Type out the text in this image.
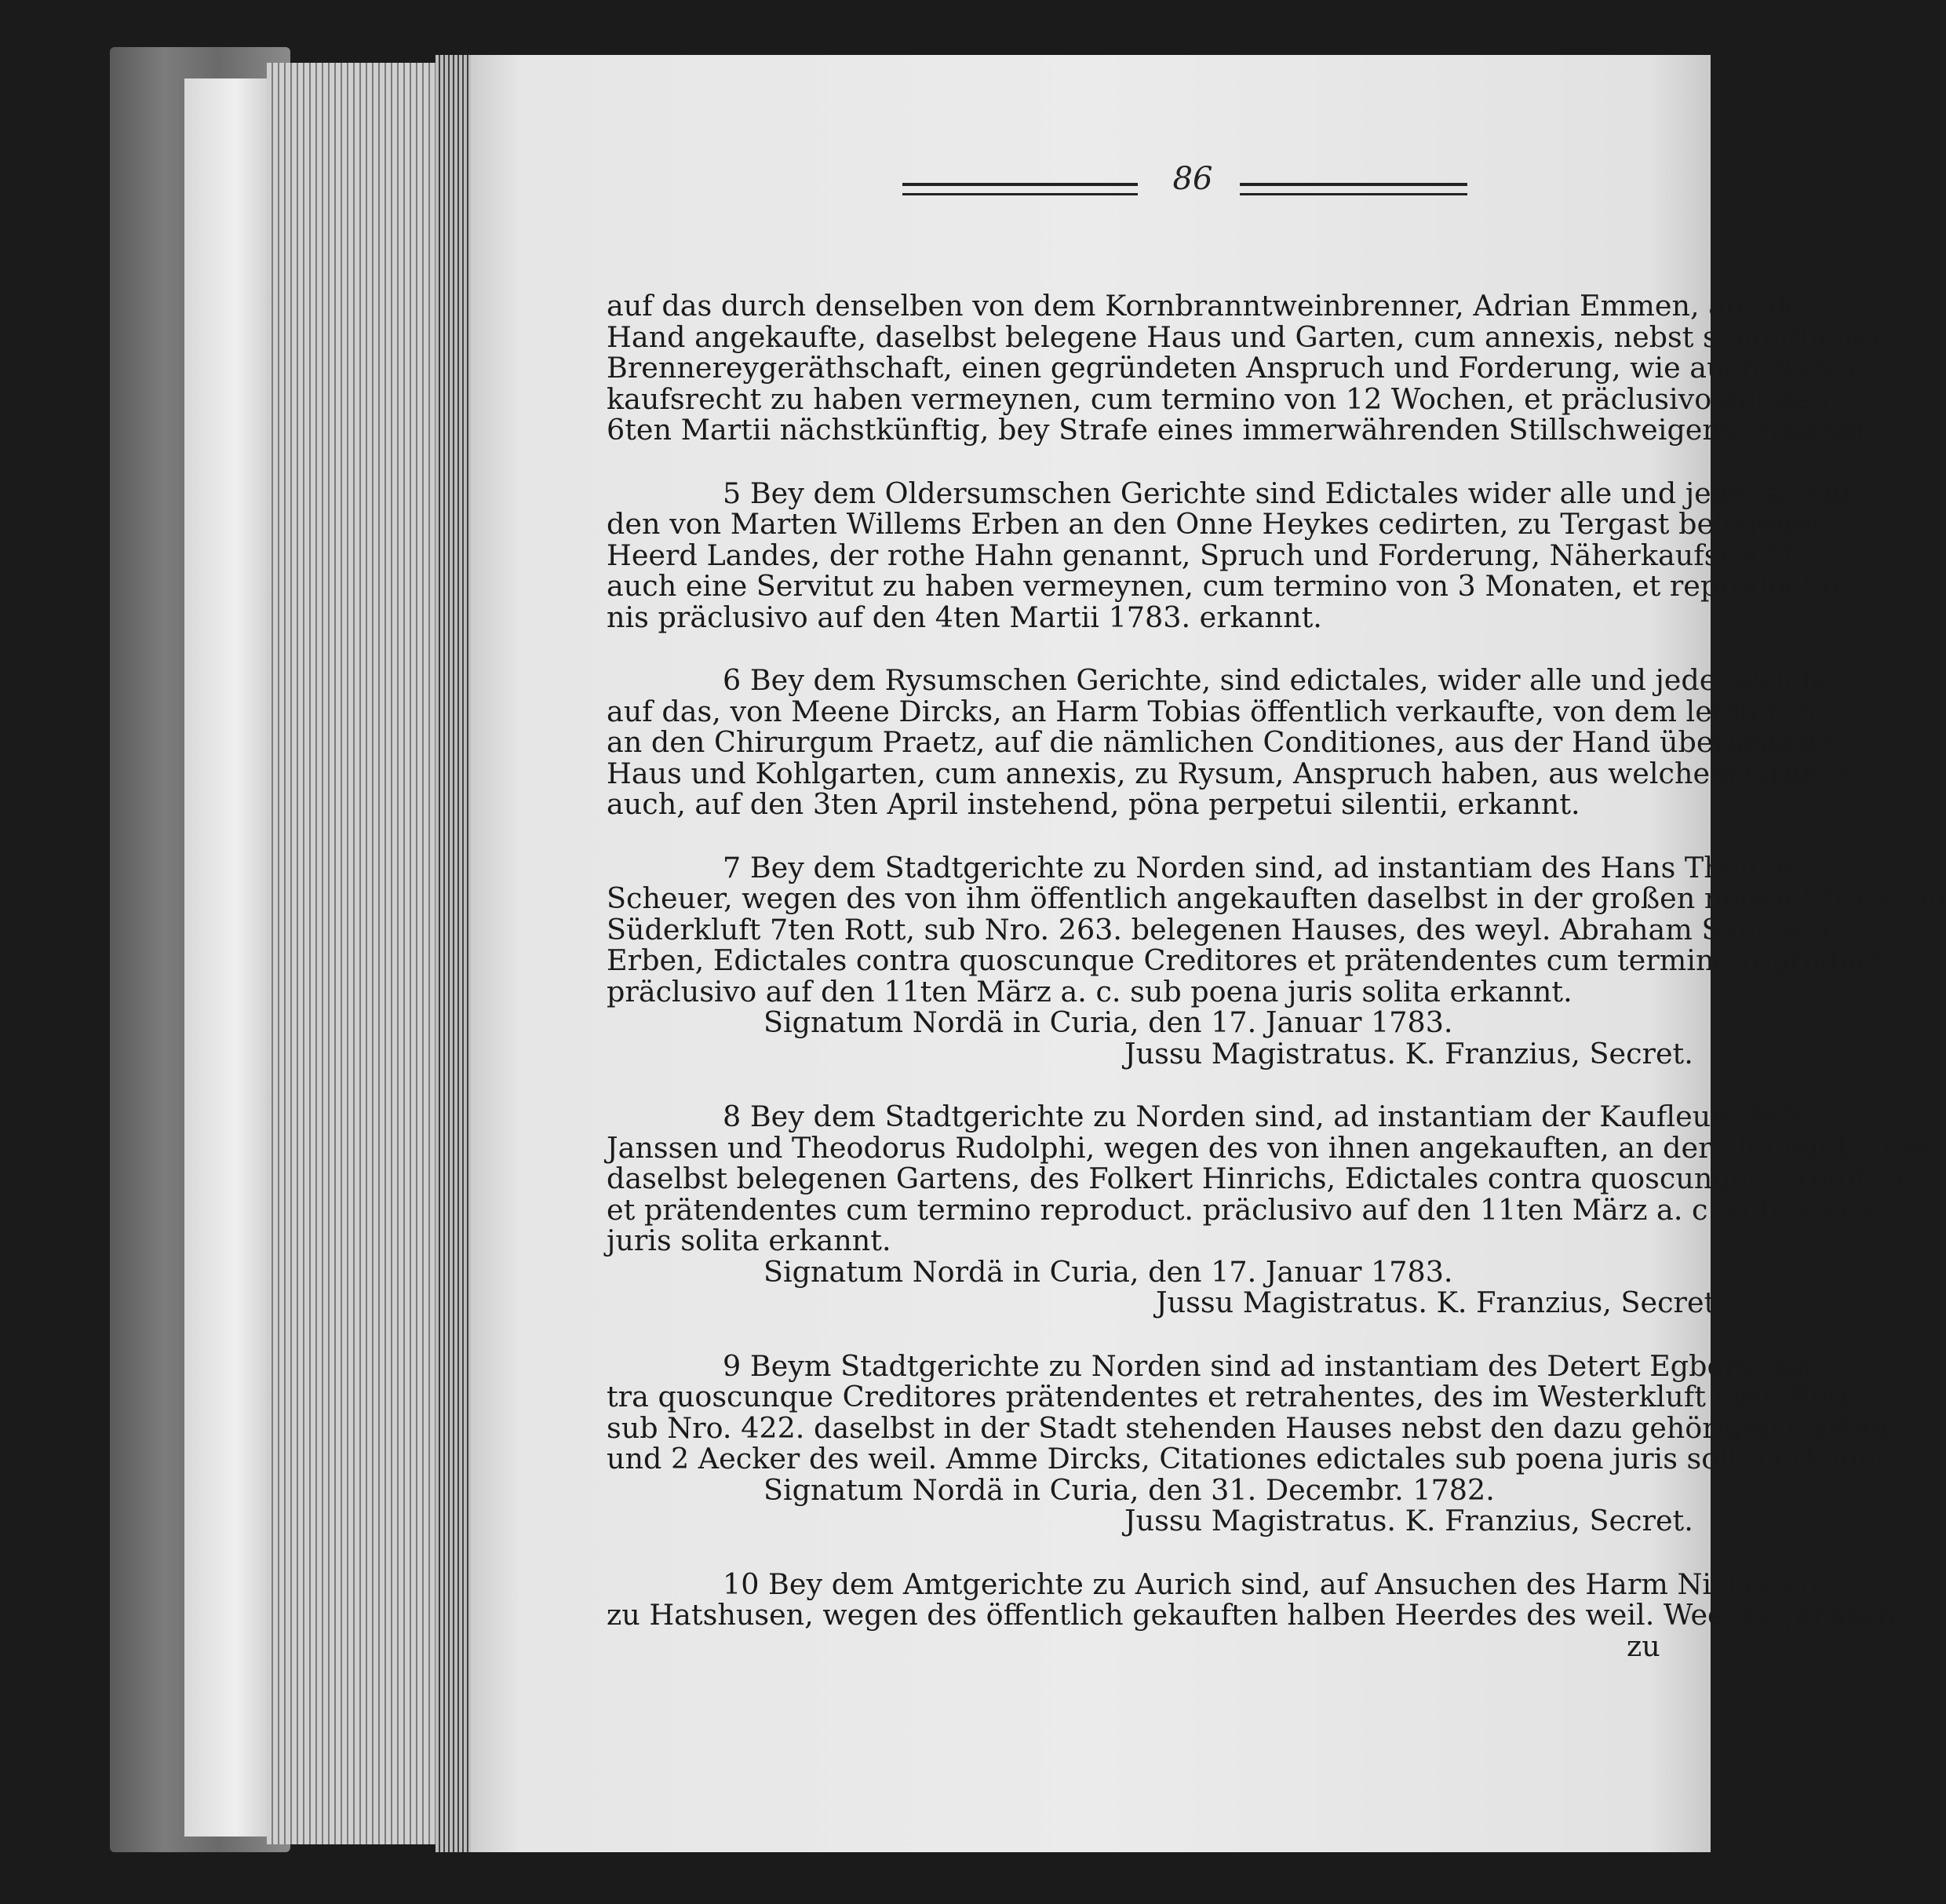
86
auf das durch denselben von dem Kornbranntweinbrenner, Adrian Emmen, aus der
Hand angekaufte, daselbst belegene Haus und Garten, cum annexis, nebst sämmtlicher
Brennereygeräthschaft, einen gegründeten Anspruch und Forderung, wie auch Näher-
kaufsrecht zu haben vermeynen, cum termino von 12 Wochen, et präclusivo auf den
6ten Martii nächstkünftig, bey Strafe eines immerwährenden Stillschweigens, erkannt.
5 Bey dem Oldersumschen Gerichte sind Edictales wider alle und jede, so auf
den von Marten Willems Erben an den Onne Heykes cedirten, zu Tergast belegenen
Heerd Landes, der rothe Hahn genannt, Spruch und Forderung, Näherkaufsrecht,
auch eine Servitut zu haben vermeynen, cum termino von 3 Monaten, et reproductio-
nis präclusivo auf den 4ten Martii 1783. erkannt.
6 Bey dem Rysumschen Gerichte, sind edictales, wider alle und jede, welche
auf das, von Meene Dircks, an Harm Tobias öffentlich verkaufte, von dem letzteren,
an den Chirurgum Praetz, auf die nämlichen Conditiones, aus der Hand überlassene
Haus und Kohlgarten, cum annexis, zu Rysum, Anspruch haben, aus welchem Grunde
auch, auf den 3ten April instehend, pöna perpetui silentii, erkannt.
7 Bey dem Stadtgerichte zu Norden sind, ad instantiam des Hans Thomas
Scheuer, wegen des von ihm öffentlich angekauften daselbst in der großen neuen Straße im
Süderkluft 7ten Rott, sub Nro. 263. belegenen Hauses, des weyl. Abraham Samssons
Erben, Edictales contra quoscunque Creditores et prätendentes cum termino reproduct.
präclusivo auf den 11ten März a. c. sub poena juris solita erkannt.
Signatum Nordä in Curia, den 17. Januar 1783.
Jussu Magistratus. K. Franzius, Secret.
8 Bey dem Stadtgerichte zu Norden sind, ad instantiam der Kaufleute Ryke
Janssen und Theodorus Rudolphi, wegen des von ihnen angekauften, an der kleinen Lohne
daselbst belegenen Gartens, des Folkert Hinrichs, Edictales contra quoscunque Creditores
et prätendentes cum termino reproduct. präclusivo auf den 11ten März a. c. sub poena
juris solita erkannt.
Signatum Nordä in Curia, den 17. Januar 1783.
Jussu Magistratus. K. Franzius, Secret.
9 Beym Stadtgerichte zu Norden sind ad instantiam des Detert Egbers con-
tra quoscunque Creditores prätendentes et retrahentes, des im Westerkluft 6ten Rott,
sub Nro. 422. daselbst in der Stadt stehenden Hauses nebst den dazu gehörigen Garten,
und 2 Aecker des weil. Amme Dircks, Citationes edictales sub poena juris solita erkannt.
Signatum Nordä in Curia, den 31. Decembr. 1782.
Jussu Magistratus. K. Franzius, Secret.
10 Bey dem Amtgerichte zu Aurich sind, auf Ansuchen des Harm Niclassen
zu Hatshusen, wegen des öffentlich gekauften halben Heerdes des weil. Weecke Janssen
zu
